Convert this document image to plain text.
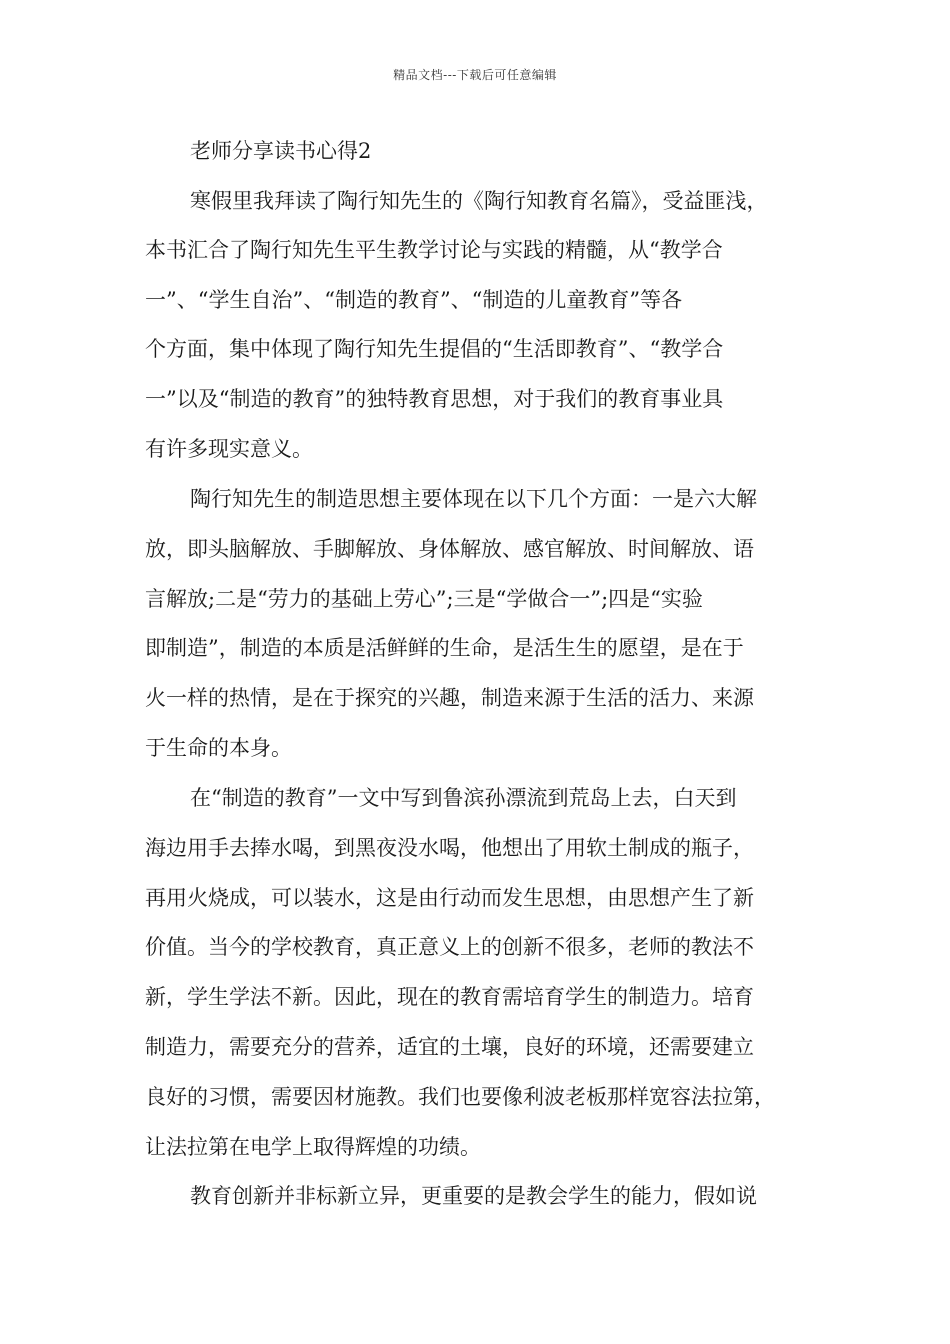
精品文档---下载后可任意编辑
老师分享读书心得2
寒假里我拜读了陶行知先生的《陶行知教育名篇》，受益匪浅，
本书汇合了陶行知先生平生教学讨论与实践的精髓，从“教学合
一”、“学生自治”、“制造的教育”、“制造的儿童教育”等各
个方面，集中体现了陶行知先生提倡的“生活即教育”、“教学合
一”以及“制造的教育”的独特教育思想，对于我们的教育事业具
有许多现实意义。
陶行知先生的制造思想主要体现在以下几个方面：一是六大解
放，即头脑解放、手脚解放、身体解放、感官解放、时间解放、语
言解放;二是“劳力的基础上劳心”;三是“学做合一”;四是“实验
即制造”，制造的本质是活鲜鲜的生命，是活生生的愿望，是在于
火一样的热情，是在于探究的兴趣，制造来源于生活的活力、来源
于生命的本身。
在“制造的教育”一文中写到鲁滨孙漂流到荒岛上去，白天到
海边用手去捧水喝，到黑夜没水喝，他想出了用软土制成的瓶子，
再用火烧成，可以装水，这是由行动而发生思想，由思想产生了新
价值。当今的学校教育，真正意义上的创新不很多，老师的教法不
新，学生学法不新。因此，现在的教育需培育学生的制造力。培育
制造力，需要充分的营养，适宜的土壤，良好的环境，还需要建立
良好的习惯，需要因材施教。我们也要像利波老板那样宽容法拉第，
让法拉第在电学上取得辉煌的功绩。
教育创新并非标新立异，更重要的是教会学生的能力，假如说
